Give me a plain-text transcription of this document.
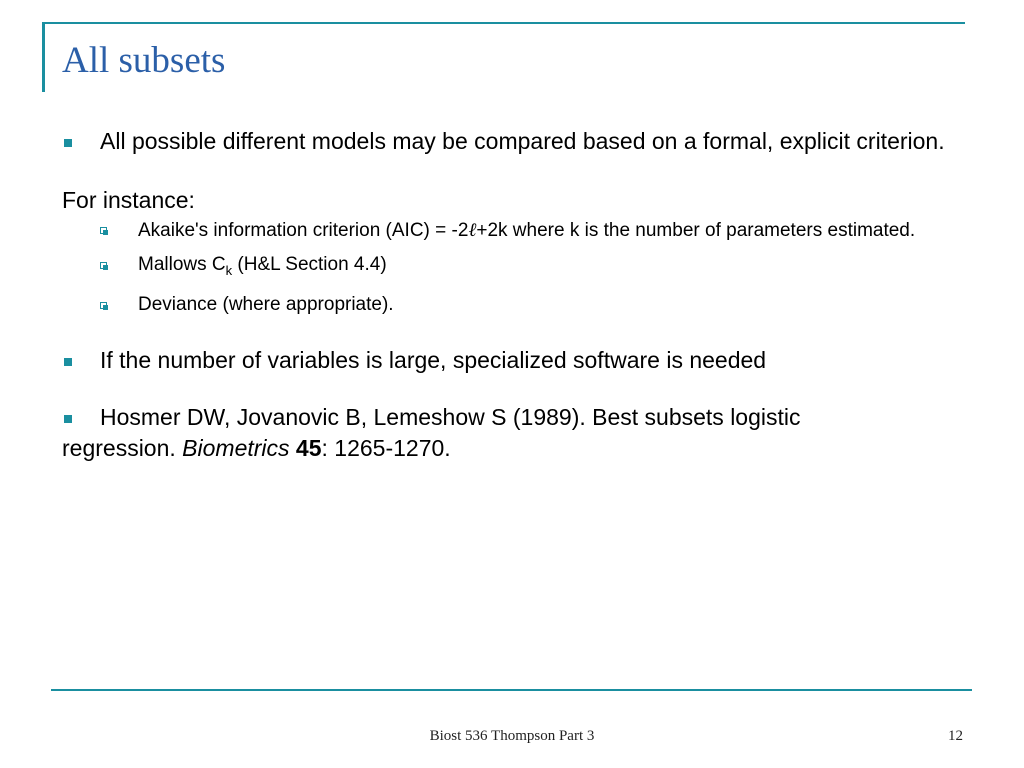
All subsets
All possible different models may be compared based on a formal, explicit criterion.
For instance:
Akaike's information criterion (AIC) = -2ℓ+2k where k is the number of parameters estimated.
Mallows $C_k$ (H&L Section 4.4)
Deviance (where appropriate).
If the number of variables is large, specialized software is needed
Hosmer DW, Jovanovic B, Lemeshow S (1989). Best subsets logistic
regression. Biometrics 45: 1265-1270.
Biost 536 Thompson Part 3	12
